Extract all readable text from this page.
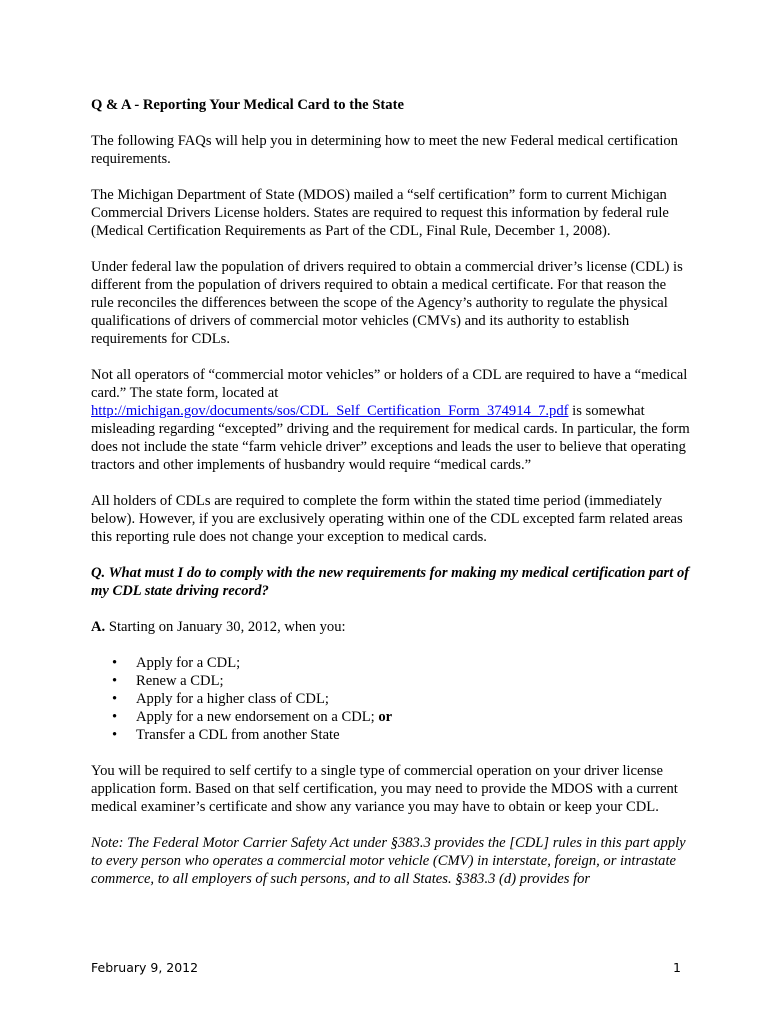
Q & A - Reporting Your Medical Card to the State

The following FAQs will help you in determining how to meet the new Federal medical certification requirements.

The Michigan Department of State (MDOS) mailed a “self certification” form to current Michigan Commercial Drivers License holders. States are required to request this information by federal rule (Medical Certification Requirements as Part of the CDL, Final Rule, December 1, 2008).

Under federal law the population of drivers required to obtain a commercial driver’s license (CDL) is different from the population of drivers required to obtain a medical certificate. For that reason the rule reconciles the differences between the scope of the Agency’s authority to regulate the physical qualifications of drivers of commercial motor vehicles (CMVs) and its authority to establish requirements for CDLs.

Not all operators of “commercial motor vehicles” or holders of a CDL are required to have a “medical card.” The state form, located at http://michigan.gov/documents/sos/CDL_Self_Certification_Form_374914_7.pdf is somewhat misleading regarding “excepted” driving and the requirement for medical cards. In particular, the form does not include the state “farm vehicle driver” exceptions and leads the user to believe that operating tractors and other implements of husbandry would require “medical cards.”

All holders of CDLs are required to complete the form within the stated time period (immediately below). However, if you are exclusively operating within one of the CDL excepted farm related areas this reporting rule does not change your exception to medical cards.

Q. What must I do to comply with the new requirements for making my medical certification part of my CDL state driving record?

A. Starting on January 30, 2012, when you:

• Apply for a CDL;
• Renew a CDL;
• Apply for a higher class of CDL;
• Apply for a new endorsement on a CDL; or
• Transfer a CDL from another State

You will be required to self certify to a single type of commercial operation on your driver license application form. Based on that self certification, you may need to provide the MDOS with a current medical examiner’s certificate and show any variance you may have to obtain or keep your CDL.

Note: The Federal Motor Carrier Safety Act under §383.3 provides the [CDL] rules in this part apply to every person who operates a commercial motor vehicle (CMV) in interstate, foreign, or intrastate commerce, to all employers of such persons, and to all States. §383.3 (d) provides for

February 9, 2012	1
